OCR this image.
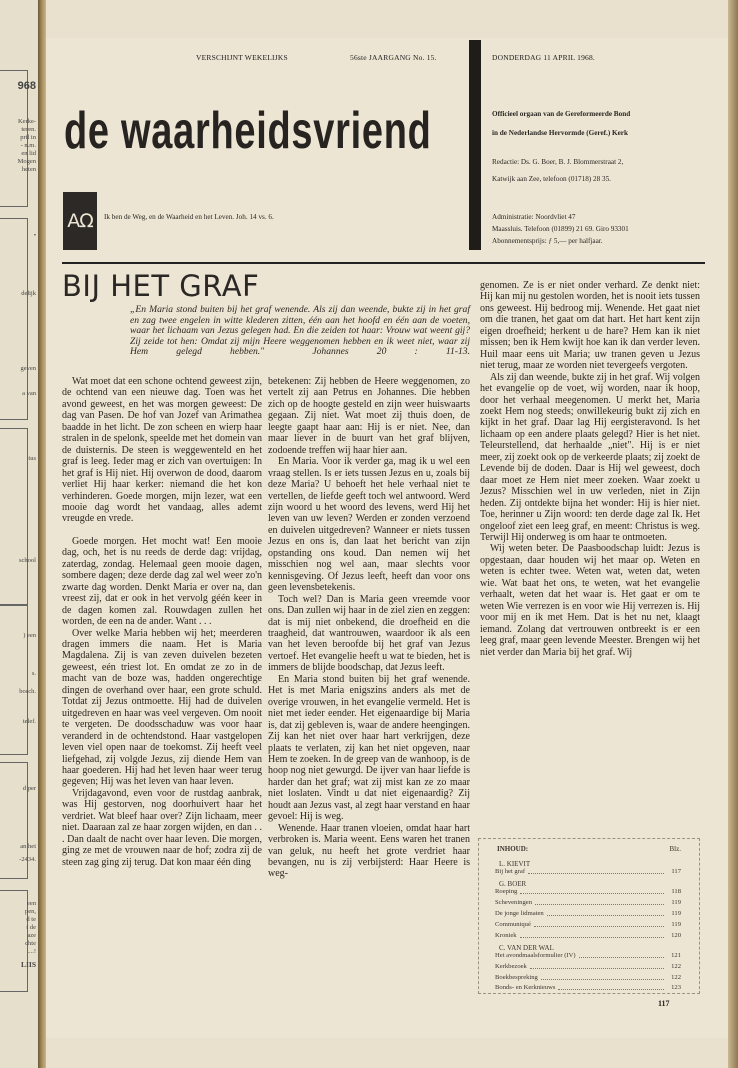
968
Kerke-
teren.
pril in
- n.m.
en lid
Mogen
heten
•
delijk
geven
a van
tus
school
) een
s.
bosch.
telef.
d per
an het
-2434.
een
pen,
d te
t de
aze
chte
....!
LIIS
VERSCHIJNT WEKELIJKS	56ste JAARGANG No. 15.	DONDERDAG 11 APRIL 1968.
de waarheidsvriend	Officieel orgaan van de Gereformeerde Bond
in de Nederlandse Hervormde (Geref.) Kerk
Redactie: Ds. G. Boer, B. J. Blommerstraat 2,
Katwijk aan Zee, telefoon (01718) 28 35.
Administratie: Noordvliet 47
Maassluis. Telefoon (01899) 21 69. Giro 93301
Abonnementsprijs: ƒ 5,— per halfjaar.
AΩ	Ik ben de Weg, en de Waarheid en het Leven. Joh. 14 vs. 6.
BIJ HET GRAF
„En Maria stond buiten bij het graf wenende. Als zij dan weende, bukte zij in het graf en zag twee engelen in witte klederen zitten, één aan het hoofd en één aan de voeten, waar het lichaam van Jezus gelegen had. En die zeiden tot haar: Vrouw wat weent gij? Zij zeide tot hen: Omdat zij mijn Heere weggenomen hebben en ik weet niet, waar zij Hem gelegd hebben."	Johannes 20 : 11-13.

Wat moet dat een schone ochtend geweest zijn, de ochtend van een nieuwe dag. Toen was het avond geweest, en het was morgen geweest: De dag van Pasen. De hof van Jozef van Arimathea baadde in het licht. De zon scheen en wierp haar stralen in de spelonk, speelde met het domein van de duisternis. De steen is weggewenteld en het graf is leeg. Ieder mag er zich van overtuigen: In het graf is Hij niet. Hij overwon de dood, daarom verliet Hij haar kerker: niemand die het kon verhinderen. Goede morgen, mijn lezer, wat een mooie dag wordt het vandaag, alles ademt vreugde en vrede.

Goede morgen. Het mocht wat! Een mooie dag, och, het is nu reeds de derde dag: vrijdag, zaterdag, zondag. Helemaal geen mooie dagen, sombere dagen; deze derde dag zal wel weer zo'n zwarte dag worden. Denkt Maria er over na, dan vreest zij, dat er ook in het vervolg géén keer in de dagen komen zal. Rouwdagen zullen het worden, de een na de ander. Want . . .

Over welke Maria hebben wij het; meerderen dragen immers die naam. Het is Maria Magdalena. Zij is van zeven duivelen bezeten geweest, eén triest lot. En omdat ze zo in de macht van de boze was, hadden ongerechtige dingen de overhand over haar, een grote schuld. Totdat zij Jezus ontmoette. Hij had de duivelen uitgedreven en haar was veel vergeven. Om nooit te vergeten. De doodsschaduw was voor haar veranderd in de ochtendstond. Haar vastgelopen leven viel open naar de toekomst. Zij heeft veel liefgehad, zij volgde Jezus, zij diende Hem van haar goederen. Hij had het leven haar weer terug gegeven; Hij was het leven van haar leven.

Vrijdagavond, even voor de rustdag aanbrak, was Hij gestorven, nog doorhuivert haar het verdriet. Wat bleef haar over? Zijn lichaam, meer niet. Daaraan zal ze haar zorgen wijden, en dan . . . Dan daalt de nacht over haar leven. Die morgen, ging ze met de vrouwen naar de hof; zodra zij de steen zag ging zij terug. Dat kon maar één ding

betekenen: Zij hebben de Heere weggenomen, zo vertelt zij aan Petrus en Johannes. Die hebben zich op de hoogte gesteld en zijn weer huiswaarts gegaan. Zij niet. Wat moet zij thuis doen, de leegte gaapt haar aan: Hij is er niet. Nee, dan maar liever in de buurt van het graf blijven, zodoende treffen wij haar hier aan.

En Maria. Voor ik verder ga, mag ik u wel een vraag stellen. Is er iets tussen Jezus en u, zoals bij deze Maria? U behoeft het hele verhaal niet te vertellen, de liefde geeft toch wel antwoord. Werd zijn woord u het woord des levens, werd Hij het leven van uw leven? Werden er zonden verzoend en duivelen uitgedreven? Wanneer er niets tussen Jezus en ons is, dan laat het bericht van zijn opstanding ons koud. Dan nemen wij het misschien nog wel aan, maar slechts voor kennisgeving. Of Jezus leeft, heeft dan voor ons geen levensbetekenis.

Toch wel? Dan is Maria geen vreemde voor ons. Dan zullen wij haar in de ziel zien en zeggen: dat is mij niet onbekend, die droefheid en die traagheid, dat wantrouwen, waardoor ik als een van het leven beroofde bij het graf van Jezus vertoef. Het evangelie heeft u wat te bieden, het is immers de blijde boodschap, dat Jezus leeft.

En Maria stond buiten bij het graf wenende. Het is met Maria enigszins anders als met de overige vrouwen, in het evangelie vermeld. Het is niet met ieder eender. Het eigenaardige bij Maria is, dat zij gebleven is, waar de andere heengingen. Zij kan het niet over haar hart verkrijgen, deze plaats te verlaten, zij kan het niet opgeven, naar Hem te zoeken. In de greep van de wanhoop, is de hoop nog niet gewurgd. De ijver van haar liefde is harder dan het graf; wat zij mist kan ze zo maar niet loslaten. Vindt u dat niet eigenaardig? Zij houdt aan Jezus vast, al zegt haar verstand en haar gevoel: Hij is weg.

Wenende. Haar tranen vloeien, omdat haar hart verbroken is. Maria weent. Eens waren het tranen van geluk, nu heeft het grote verdriet haar bevangen, nu is zij verbijsterd: Haar Heere is weg-

genomen. Ze is er niet onder verhard. Ze denkt niet: Hij kan mij nu gestolen worden, het is nooit iets tussen ons geweest. Hij bedroog mij. Wenende. Het gaat niet om die tranen, het gaat om dat hart. Het hart kent zijn eigen droefheid; herkent u de hare? Hem kan ik niet missen; ben ik Hem kwijt hoe kan ik dan verder leven. Huil maar eens uit Maria; uw tranen geven u Jezus niet terug, maar ze worden niet tevergeefs vergoten.

Als zij dan weende, bukte zij in het graf. Wij volgen het evangelie op de voet, wij worden, naar ik hoop, door het verhaal meegenomen. U merkt het, Maria zoekt Hem nog steeds; onwillekeurig bukt zij zich en kijkt in het graf. Daar lag Hij eergisteravond. Is het lichaam op een andere plaats gelegd? Hier is het niet. Teleurstellend, dat herhaalde „niet". Hij is er niet meer, zij zoekt ook op de verkeerde plaats; zij zoekt de Levende bij de doden. Daar is Hij wel geweest, doch daar moet ze Hem niet meer zoeken. Waar zoekt u Jezus? Misschien wel in uw verleden, niet in Zijn heden. Zij ontdekte bijna het wonder: Hij is hier niet. Toe, herinner u Zijn woord: ten derde dage zal Ik. Het ongeloof ziet een leeg graf, en meent: Christus is weg. Terwijl Hij onderweg is om haar te ontmoeten.

Wij weten beter. De Paasboodschap luidt: Jezus is opgestaan, daar houden wij het maar op. Weten en weten is echter twee. Weten wat, weten dat, weten wie. Wat baat het ons, te weten, wat het evangelie verhaalt, weten dat het waar is. Het gaat er om te weten Wie verrezen is en voor wie Hij verrezen is. Hij voor mij en ik met Hem. Dat is het nu net, klaagt iemand. Zolang dat vertrouwen ontbreekt is er een leeg graf, maar geen levende Meester. Brengen wij het niet verder dan Maria bij het graf. Wij

INHOUD:	Blz.
L. KIEVIT
Bij het graf	117
G. BOER
Roeping	118
Scheveningen	119
De jonge lidmaten	119
Communiqué	119
Kroniek	120
C. VAN DER WAL
Het avondmaalsformulier (IV)	121
Kerkbezoek	122
Boekbespreking	122
Bonds- en Kerknieuws	123
117
